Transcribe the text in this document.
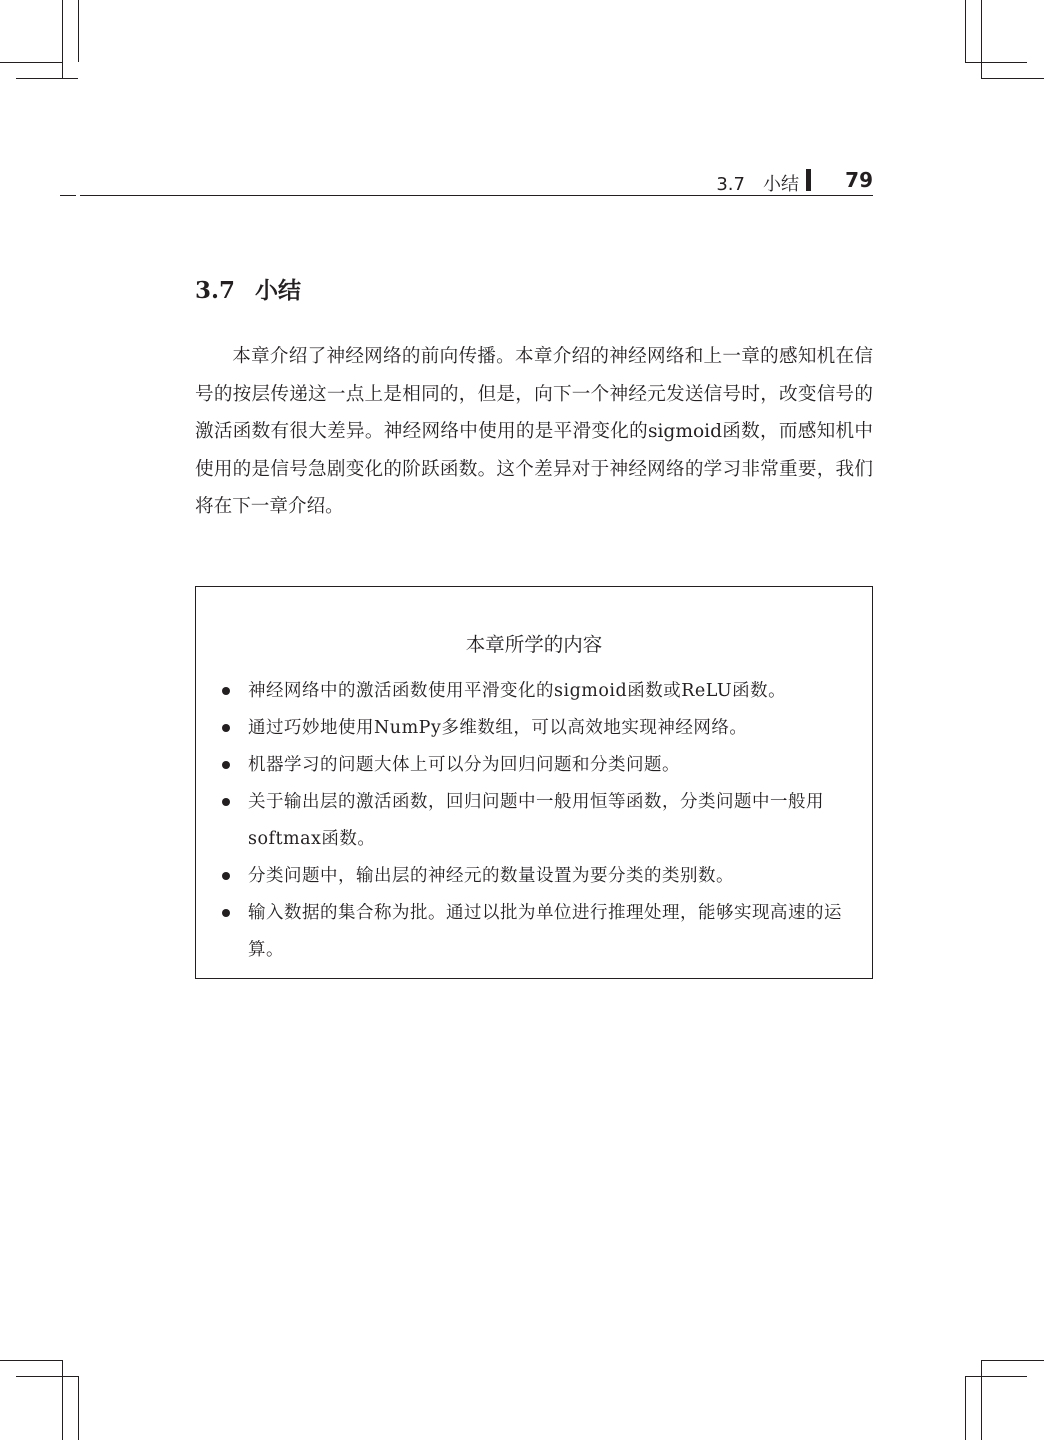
3.7　小结 79
3.7 小结

本章介绍了神经网络的前向传播。本章介绍的神经网络和上一章的感知机在信号的按层传递这一点上是相同的，但是，向下一个神经元发送信号时，改变信号的激活函数有很大差异。神经网络中使用的是平滑变化的sigmoid函数，而感知机中使用的是信号急剧变化的阶跃函数。这个差异对于神经网络的学习非常重要，我们将在下一章介绍。

本章所学的内容
神经网络中的激活函数使用平滑变化的sigmoid函数或ReLU函数。
通过巧妙地使用NumPy多维数组，可以高效地实现神经网络。
机器学习的问题大体上可以分为回归问题和分类问题。
关于输出层的激活函数，回归问题中一般用恒等函数，分类问题中一般用softmax函数。
分类问题中，输出层的神经元的数量设置为要分类的类别数。
输入数据的集合称为批。通过以批为单位进行推理处理，能够实现高速的运算。
